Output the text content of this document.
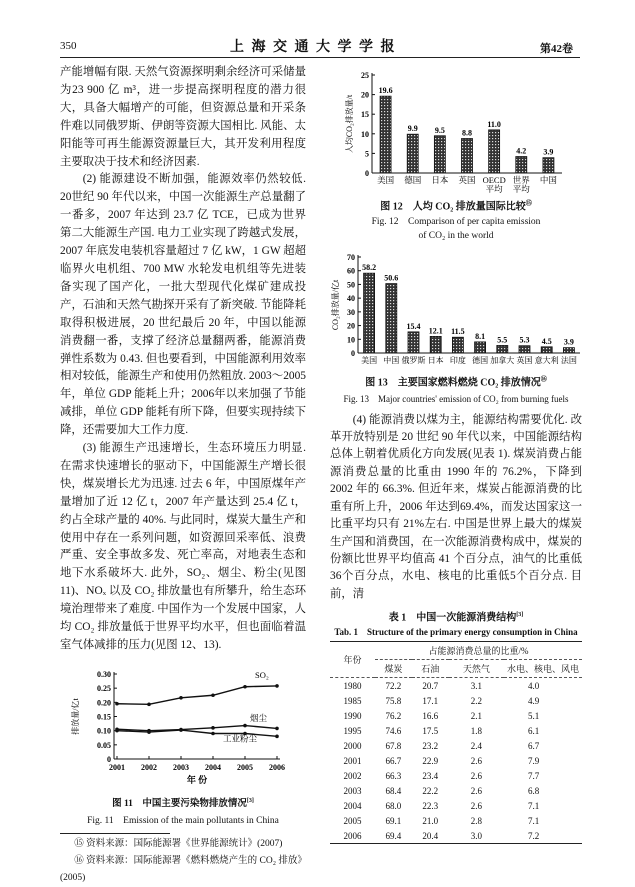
350	上 海 交 通 大 学 学 报	第42卷

产能增幅有限. 天然气资源探明剩余经济可采储量为23 900 亿 m³，进一步提高探明程度的潜力很大，具备大幅增产的可能，但资源总量和开采条件难以同俄罗斯、伊朗等资源大国相比. 风能、太阳能等可再生能源资源量巨大，其开发利用程度主要取决于技术和经济因素.

(2) 能源建设不断加强，能源效率仍然较低. 20世纪 90 年代以来，中国一次能源生产总量翻了一番多，2007 年达到 23.7 亿 TCE，已成为世界第二大能源生产国. 电力工业实现了跨越式发展，2007 年底发电装机容量超过 7 亿 kW，1 GW 超超临界火电机组、700 MW 水轮发电机组等先进装备实现了国产化，一批大型现代化煤矿建成投产，石油和天然气勘探开采有了新突破. 节能降耗取得积极进展，20 世纪最后 20 年，中国以能源消费翻一番，支撑了经济总量翻两番，能源消费弹性系数为 0.43. 但也要看到，中国能源利用效率相对较低，能源生产和使用仍然粗放. 2003～2005 年，单位 GDP 能耗上升；2006年以来加强了节能减排，单位 GDP 能耗有所下降，但要实现持续下降，还需要加大工作力度.

(3) 能源生产迅速增长，生态环境压力明显. 在需求快速增长的驱动下，中国能源生产增长很快，煤炭增长尤为迅速. 过去 6 年，中国原煤年产量增加了近 12 亿 t，2007 年产量达到 25.4 亿 t，约占全球产量的 40%. 与此同时，煤炭大量生产和使用中存在一系列问题，如资源回采率低、浪费严重、安全事故多发、死亡率高，对地表生态和地下水系破坏大. 此外，SO₂、烟尘、粉尘(见图 11)、NOₓ 以及 CO₂ 排放量也有所攀升，给生态环境治理带来了难度. 中国作为一个发展中国家，人均 CO₂ 排放量低于世界平均水平，但也面临着温室气体减排的压力(见图 12、13).

0
0.05
0.10
0.15
0.20
0.25
0.30
2001 2002 2003 2004 2005 2006
年 份
排放量/亿t
SO₂
烟尘
工业粉尘
图 11　中国主要污染物排放情况[3]
Fig. 11　Emission of the main pollutants in China
⑮ 资料来源：国际能源署《世界能源统计》(2007)
⑯ 资料来源：国际能源署《燃料燃烧产生的 CO₂ 排放》(2005)
0
5
10
15
20
25
人均CO₂排放量/t
19.6
美国
9.9
德国
9.5
日本
8.8
英国
11.0
OECD
平均
4.2
世界
平均
3.9
中国
图 12　人均 CO₂ 排放量国际比较⑮
Fig. 12　Comparison of per capita emission
of CO₂ in the world
0
10
20
30
40
50
60
70
CO₂排放量/亿t
58.2
美国
50.6
中国
15.4
俄罗斯
12.1
日本
11.5
印度
8.1
德国
5.5
加拿大
5.3
英国
4.5
意大利
3.9
法国
图 13　主要国家燃料燃烧 CO₂ 排放情况⑯
Fig. 13　Major countries' emission of CO₂ from burning fuels

(4) 能源消费以煤为主，能源结构需要优化. 改革开放特别是 20 世纪 90 年代以来，中国能源结构总体上朝着优质化方向发展(见表 1). 煤炭消费占能源消费总量的比重由 1990 年的 76.2%，下降到2002 年的 66.3%. 但近年来，煤炭占能源消费的比重有所上升，2006 年达到69.4%，而发达国家这一比重平均只有 21%左右. 中国是世界上最大的煤炭生产国和消费国，在一次能源消费构成中，煤炭的份额比世界平均值高 41 个百分点，油气的比重低 36个百分点，水电、核电的比重低5个百分点. 目前，清

表 1　中国一次能源消费结构[3]
Tab. 1　Structure of the primary energy consumption in China
年份	占能源消费总量的比重/%			
	煤炭	石油	天然气	水电、核电、风电
1980	72.2	20.7	3.1	4.0
1985	75.8	17.1	2.2	4.9
1990	76.2	16.6	2.1	5.1
1995	74.6	17.5	1.8	6.1
2000	67.8	23.2	2.4	6.7
2001	66.7	22.9	2.6	7.9
2002	66.3	23.4	2.6	7.7
2003	68.4	22.2	2.6	6.8
2004	68.0	22.3	2.6	7.1
2005	69.1	21.0	2.8	7.1
2006	69.4	20.4	3.0	7.2
